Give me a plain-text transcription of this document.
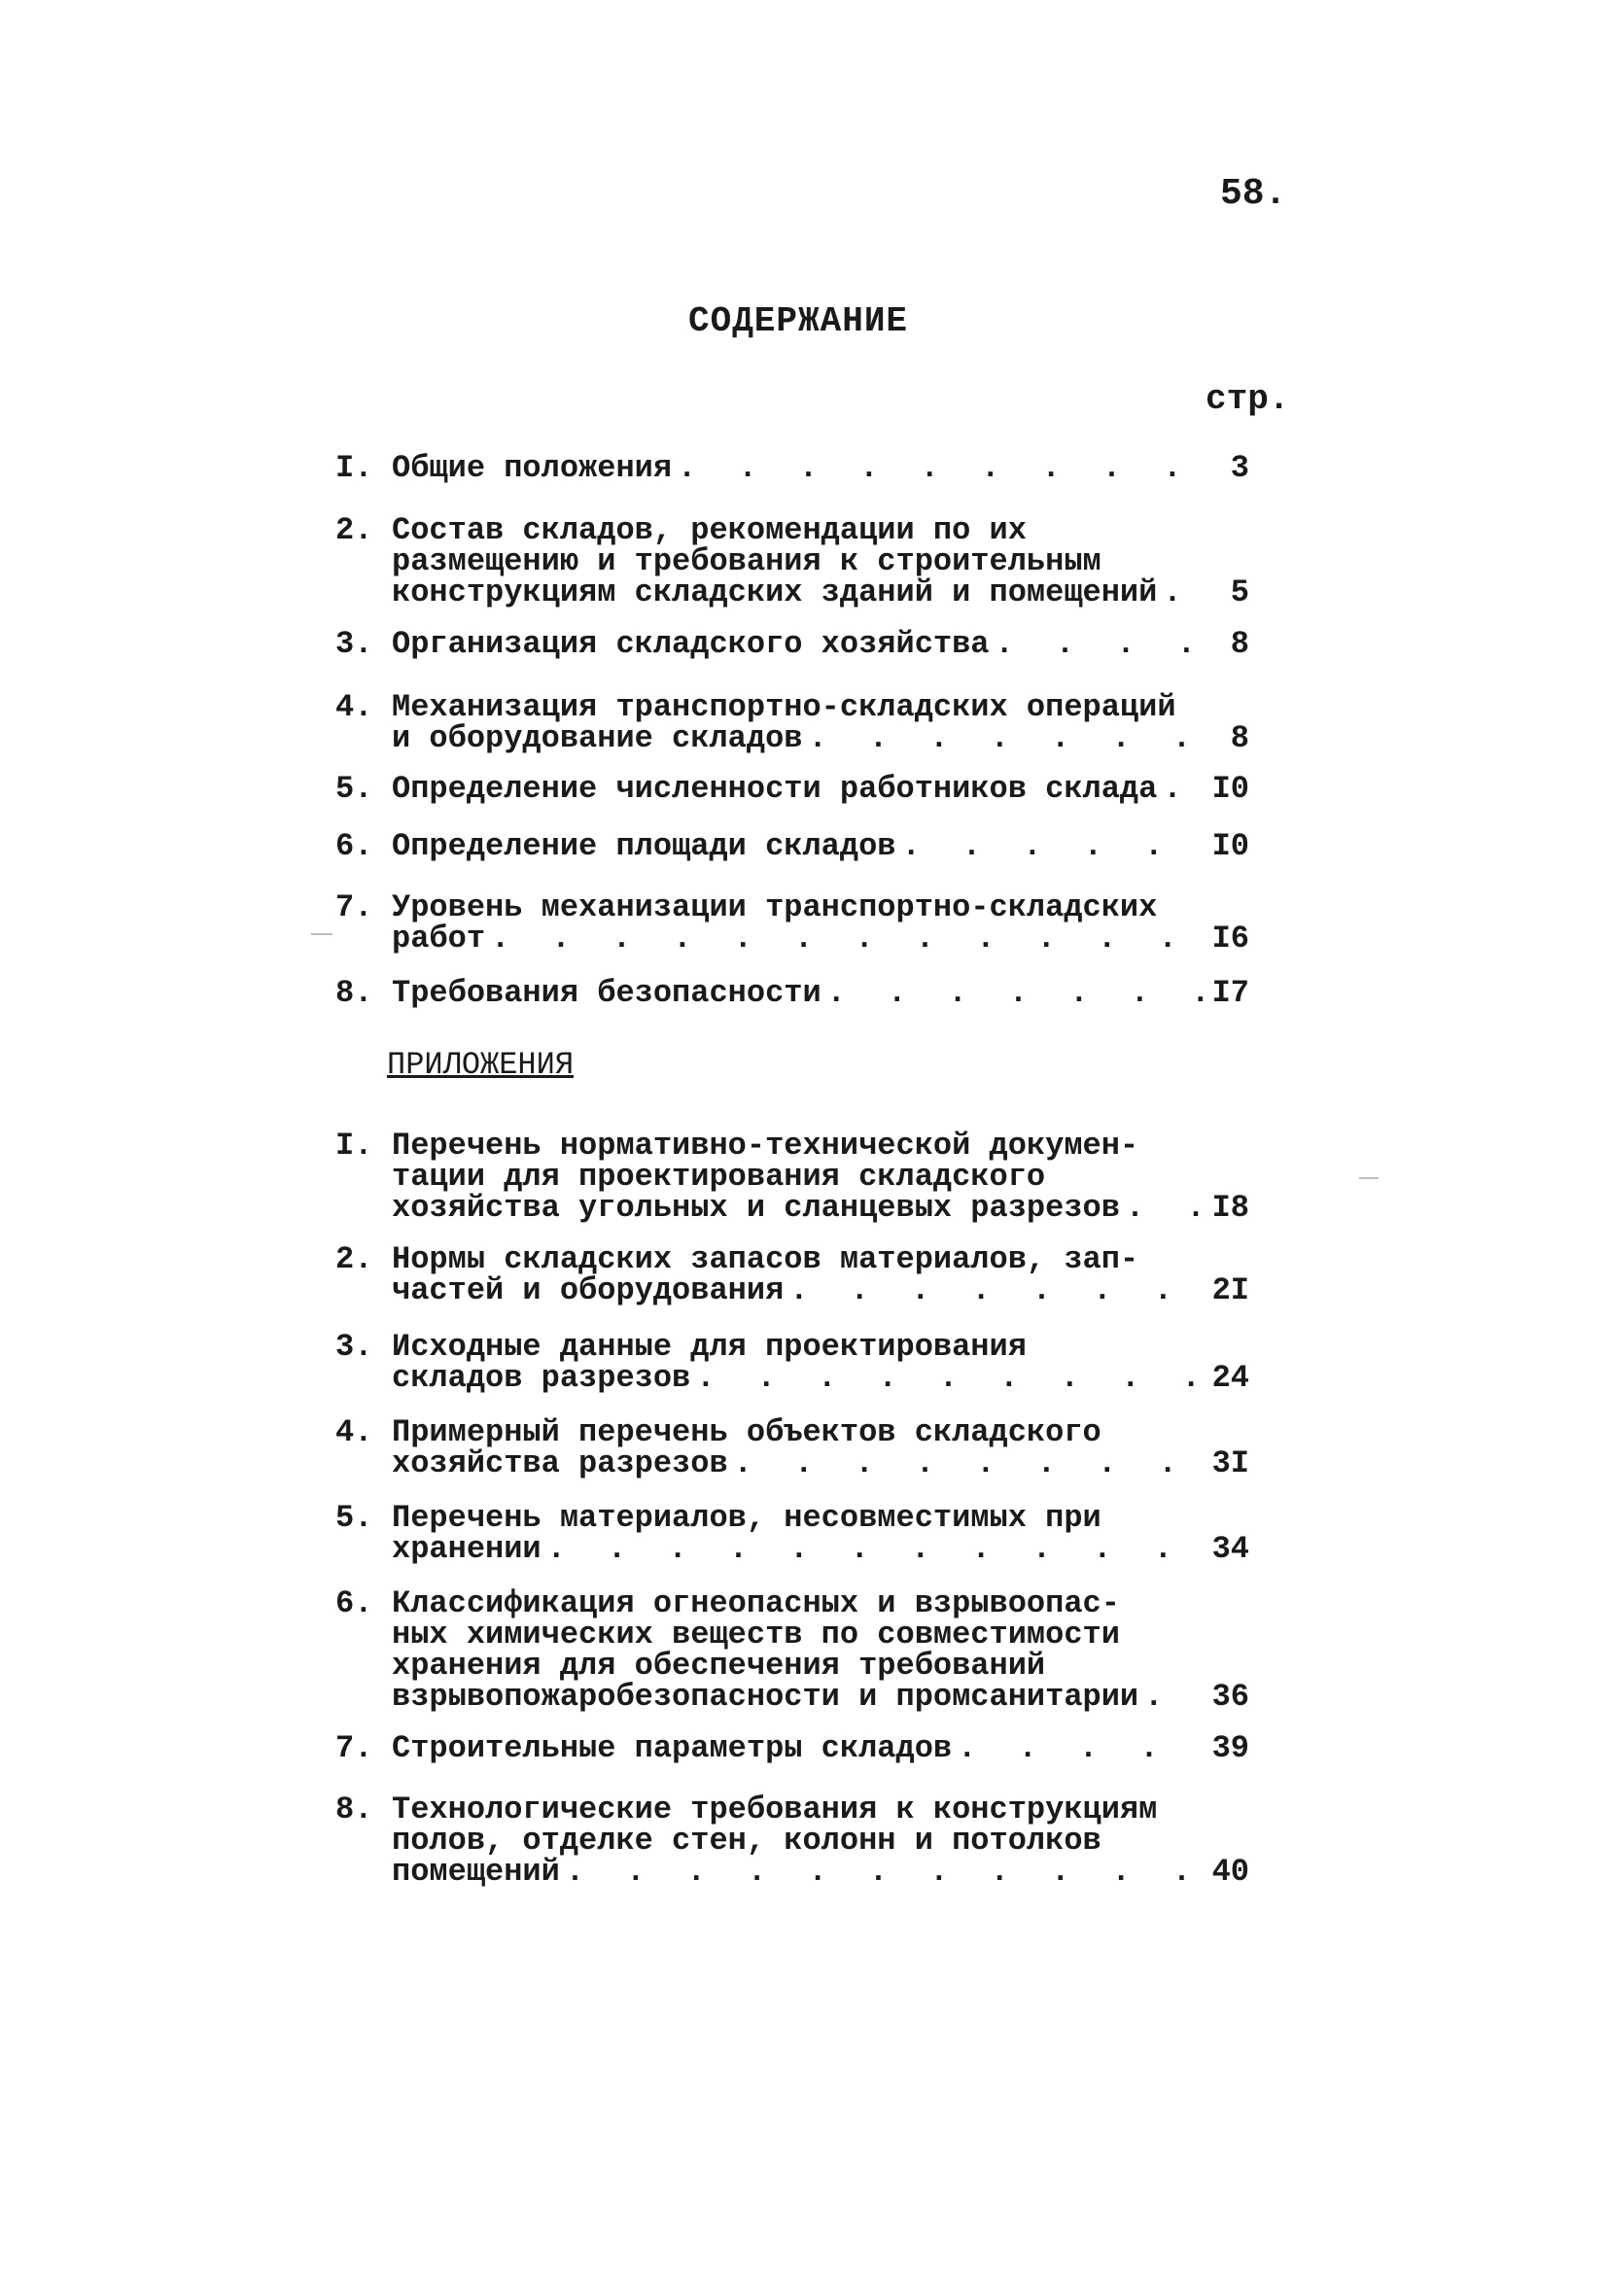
58.
СОДЕРЖАНИЕ
стр.
I. Общие положения . . .	3
2. Состав складов, рекомендации по их
размещению и требования к строительным
конструкциям складских зданий и помещений . . . 5
3. Организация складского хозяйства . . .	8
4. Механизация транспортно-складских операций
и оборудование складов . . .	8
5. Определение численности работников склада . . . I0
6. Определение площади складов . . .	I0
7. Уровень механизации транспортно-складских
работ . . .	I6
8. Требования безопасности . . .	I7
ПРИЛОЖЕНИЯ
I. Перечень нормативно-технической докумен-
тации для проектирования складского
хозяйства угольных и сланцевых разрезов . . .	I8
2. Нормы складских запасов материалов, зап-
частей и оборудования . . .	2I
3. Исходные данные для проектирования
складов разрезов . . .	24
4. Примерный перечень объектов складского
хозяйства разрезов . . .	3I
5. Перечень материалов, несовместимых при
хранении . . .	34
6. Классификация огнеопасных и взрывоопас-
ных химических веществ по совместимости
хранения для обеспечения требований
взрывопожаробезопасности и промсанитарии . . . 36
7. Строительные параметры складов . . .	39
8. Технологические требования к конструкциям
полов, отделке стен, колонн и потолков
помещений . . .	40
